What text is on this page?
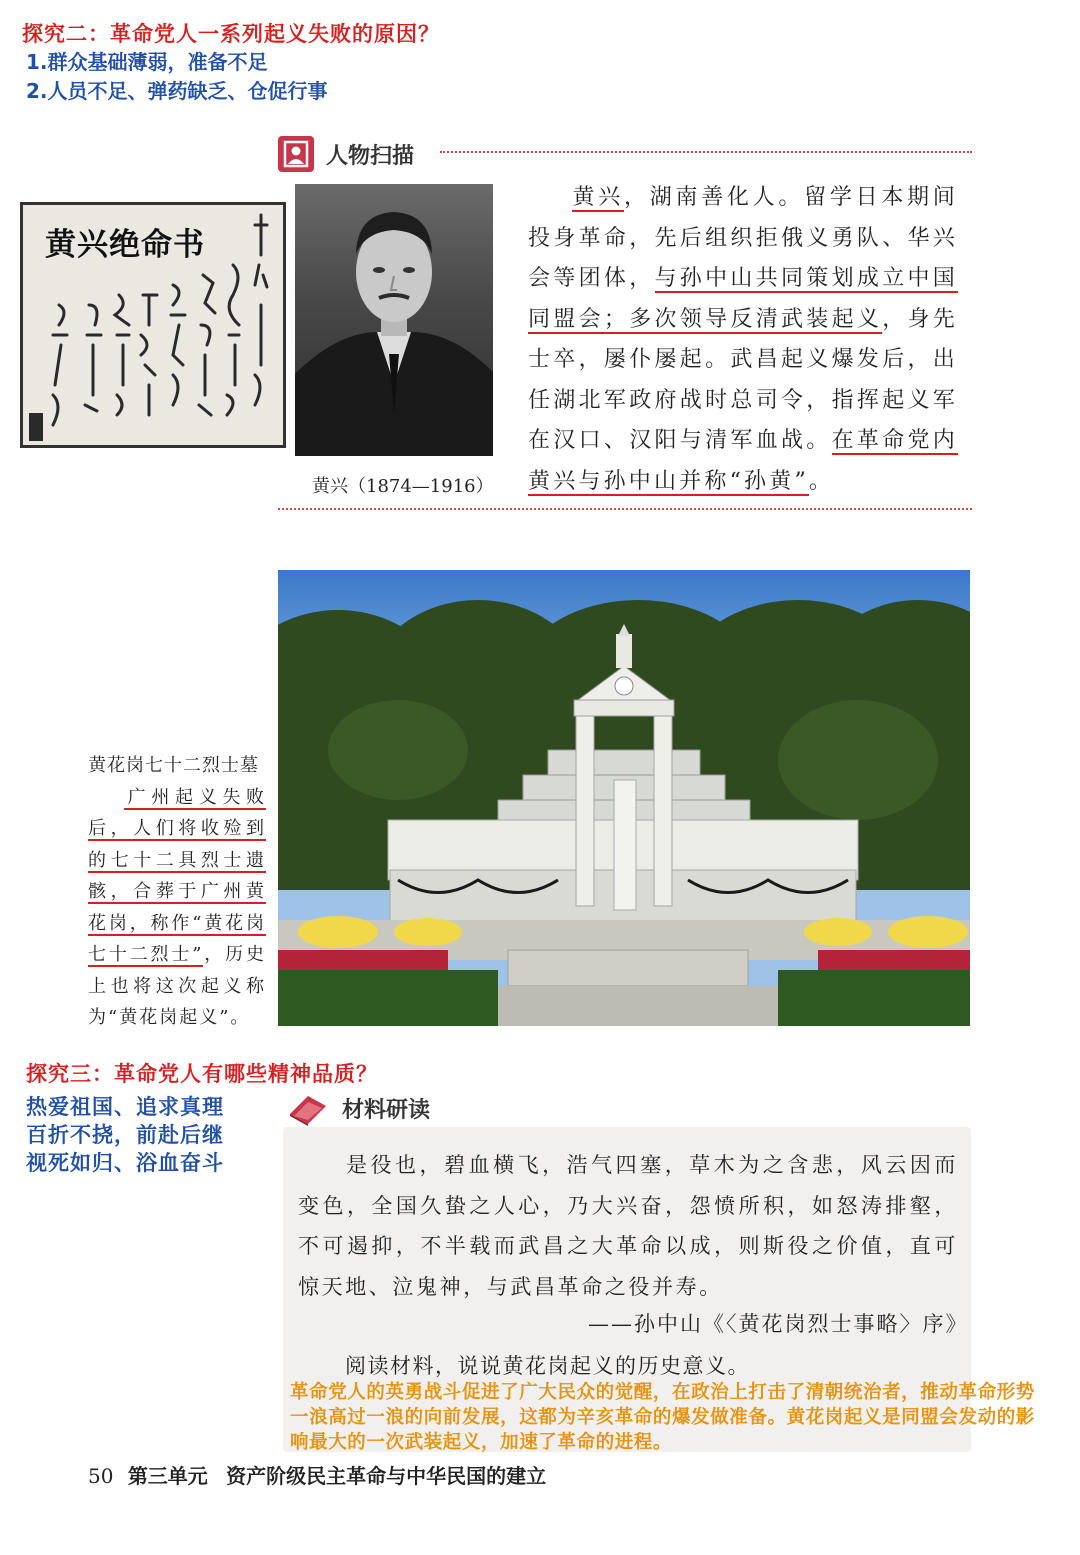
探究二：革命党人一系列起义失败的原因？
1.群众基础薄弱，准备不足
2.人员不足、弹药缺乏、仓促行事
人物扫描
黄兴绝命书
黄兴（1874—1916）
黄兴，湖南善化人。留学日本期间投身革命，先后组织拒俄义勇队、华兴会等团体，与孙中山共同策划成立中国同盟会；多次领导反清武装起义，身先士卒，屡仆屡起。武昌起义爆发后，出任湖北军政府战时总司令，指挥起义军在汉口、汉阳与清军血战。在革命党内黄兴与孙中山并称“孙黄”。
黄花岗七十二烈士墓
广州起义失败后，人们将收殓到的七十二具烈士遗骸，合葬于广州黄花岗，称作“黄花岗七十二烈士”，历史上也将这次起义称为“黄花岗起义”。
探究三：革命党人有哪些精神品质？
热爱祖国、追求真理
百折不挠，前赴后继
视死如归、浴血奋斗
材料研读
是役也，碧血横飞，浩气四塞，草木为之含悲，风云因而变色，全国久蛰之人心，乃大兴奋，怨愤所积，如怒涛排壑，不可遏抑，不半载而武昌之大革命以成，则斯役之价值，直可惊天地、泣鬼神，与武昌革命之役并寿。
——孙中山《〈黄花岗烈士事略〉序》
阅读材料，说说黄花岗起义的历史意义。
革命党人的英勇战斗促进了广大民众的觉醒，在政治上打击了清朝统治者，推动革命形势一浪高过一浪的向前发展，这都为辛亥革命的爆发做准备。黄花岗起义是同盟会发动的影响最大的一次武装起义，加速了革命的进程。
50 第三单元 资产阶级民主革命与中华民国的建立
